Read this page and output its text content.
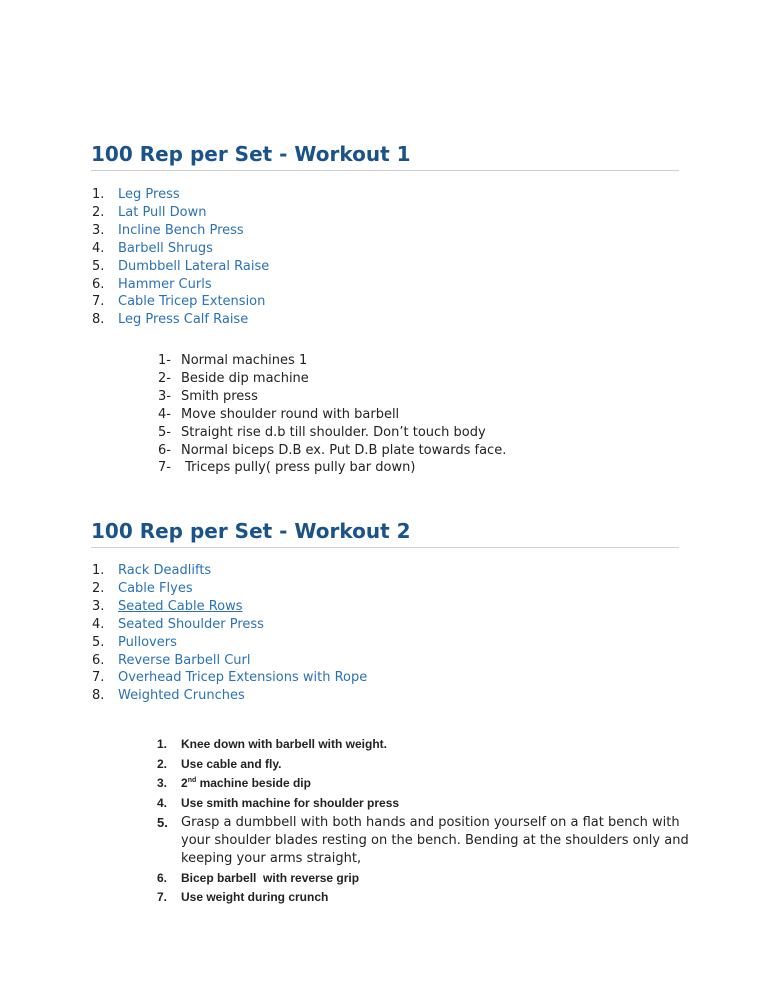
100 Rep per Set - Workout 1
1. Leg Press
2. Lat Pull Down
3. Incline Bench Press
4. Barbell Shrugs
5. Dumbbell Lateral Raise
6. Hammer Curls
7. Cable Tricep Extension
8. Leg Press Calf Raise
1- Normal machines 1
2- Beside dip machine
3- Smith press
4- Move shoulder round with barbell
5- Straight rise d.b till shoulder. Don’t touch body
6- Normal biceps D.B ex. Put D.B plate towards face.
7- Triceps pully( press pully bar down)
100 Rep per Set - Workout 2
1. Rack Deadlifts
2. Cable Flyes
3. Seated Cable Rows
4. Seated Shoulder Press
5. Pullovers
6. Reverse Barbell Curl
7. Overhead Tricep Extensions with Rope
8. Weighted Crunches
1. Knee down with barbell with weight.
2. Use cable and fly.
3. 2nd machine beside dip
4. Use smith machine for shoulder press
5. Grasp a dumbbell with both hands and position yourself on a flat bench with your shoulder blades resting on the bench. Bending at the shoulders only and keeping your arms straight,
6. Bicep barbell  with reverse grip
7. Use weight during crunch
